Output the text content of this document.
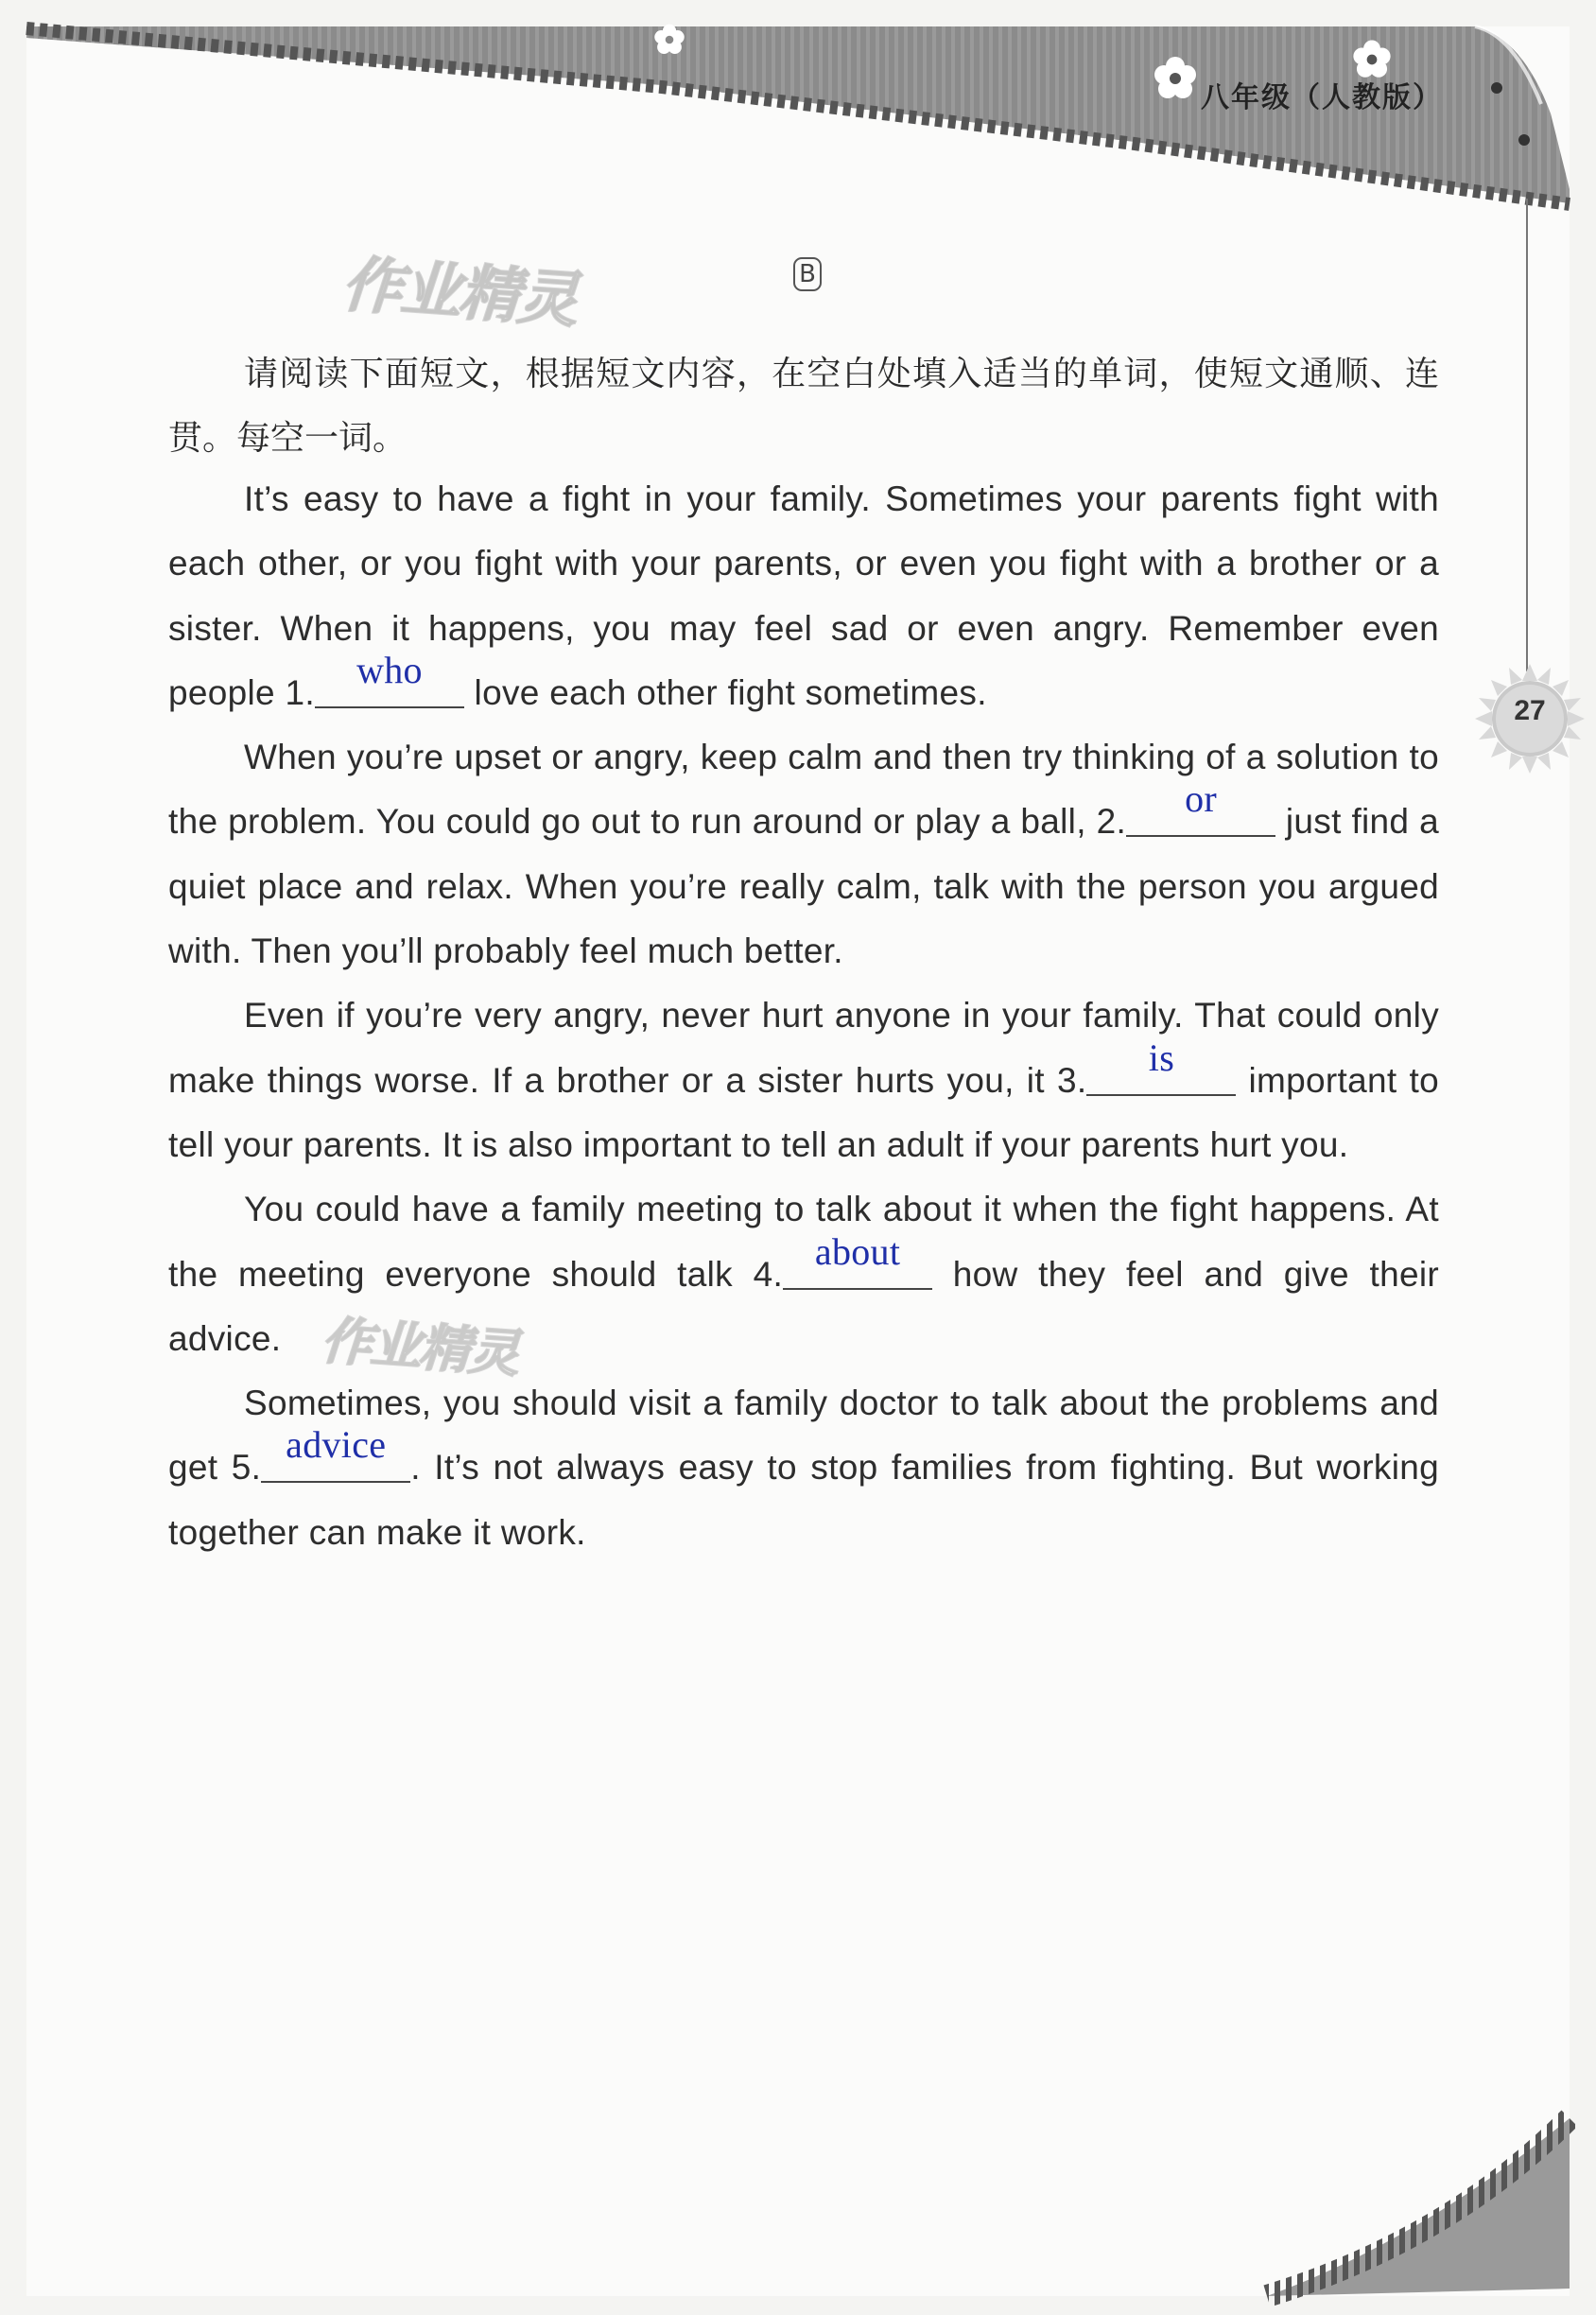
八年级（人教版）
27
作业精灵
作业精灵
B
请阅读下面短文，根据短文内容，在空白处填入适当的单词，使短文通顺、连贯。每空一词。

It’s easy to have a fight in your family. Sometimes your parents fight with each other, or you fight with your parents, or even you fight with a brother or a sister. When it happens, you may feel sad or even angry. Remember even people 1.
who
love each other fight sometimes.

When you’re upset or angry, keep calm and then try thinking of a solution to the problem. You could go out to run around or play a ball, 2.
or
just find a quiet place and relax. When you’re really calm, talk with the person you argued with. Then you’ll probably feel much better.

Even if you’re very angry, never hurt anyone in your family. That could only make things worse. If a brother or a sister hurts you, it 3.
is
important to tell your parents. It is also important to tell an adult if your parents hurt you.

You could have a family meeting to talk about it when the fight happens. At the meeting everyone should talk 4.
about
how they feel and give their advice.

Sometimes, you should visit a family doctor to talk about the problems and get 5.
advice
. It’s not always easy to stop families from fighting. But working together can make it work.
